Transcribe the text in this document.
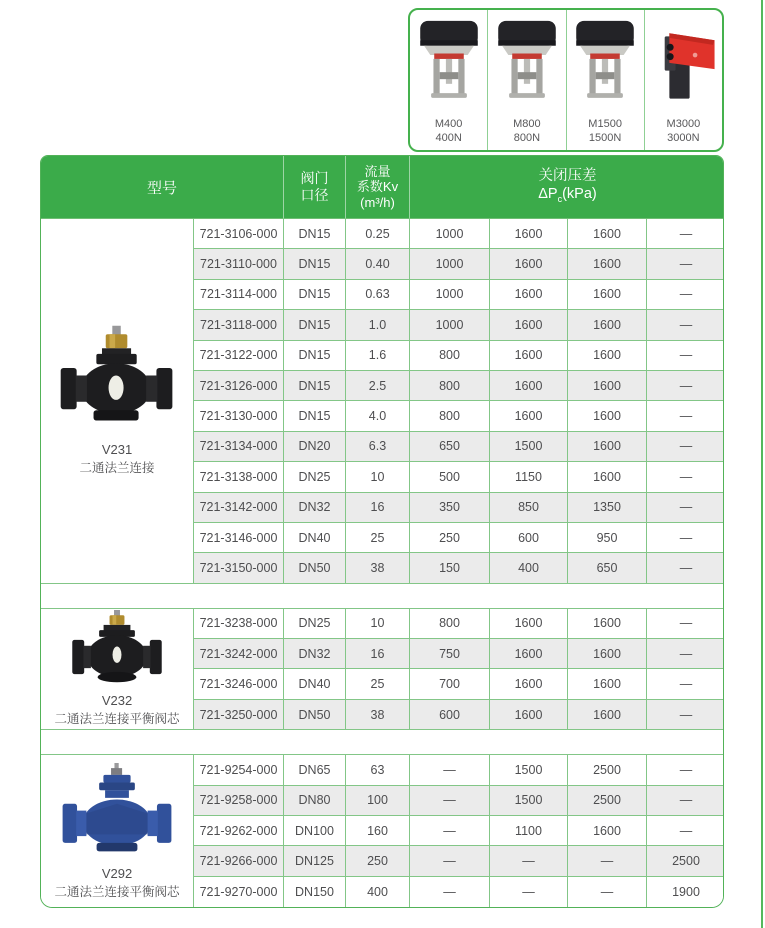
M400
400N
M800
800N
M1500
1500N
M3000
3000N
型号
阀门
口径
流量
系数Kv
(m³/h)
关闭压差
$\Delta P_c(kPa)$
V231
二通法兰连接
721-3106-000	DN15	0.25	1000	1600	1600	—
721-3110-000	DN15	0.40	1000	1600	1600	—
721-3114-000	DN15	0.63	1000	1600	1600	—
721-3118-000	DN15	1.0	1000	1600	1600	—
721-3122-000	DN15	1.6	800	1600	1600	—
721-3126-000	DN15	2.5	800	1600	1600	—
721-3130-000	DN15	4.0	800	1600	1600	—
721-3134-000	DN20	6.3	650	1500	1600	—
721-3138-000	DN25	10	500	1150	1600	—
721-3142-000	DN32	16	350	850	1350	—
721-3146-000	DN40	25	250	600	950	—
721-3150-000	DN50	38	150	400	650	—
V232
二通法兰连接平衡阀芯
721-3238-000	DN25	10	800	1600	1600	—
721-3242-000	DN32	16	750	1600	1600	—
721-3246-000	DN40	25	700	1600	1600	—
721-3250-000	DN50	38	600	1600	1600	—
V292
二通法兰连接平衡阀芯
721-9254-000	DN65	63	—	1500	2500	—
721-9258-000	DN80	100	—	1500	2500	—
721-9262-000	DN100	160	—	1100	1600	—
721-9266-000	DN125	250	—	—	—	2500
721-9270-000	DN150	400	—	—	—	1900
